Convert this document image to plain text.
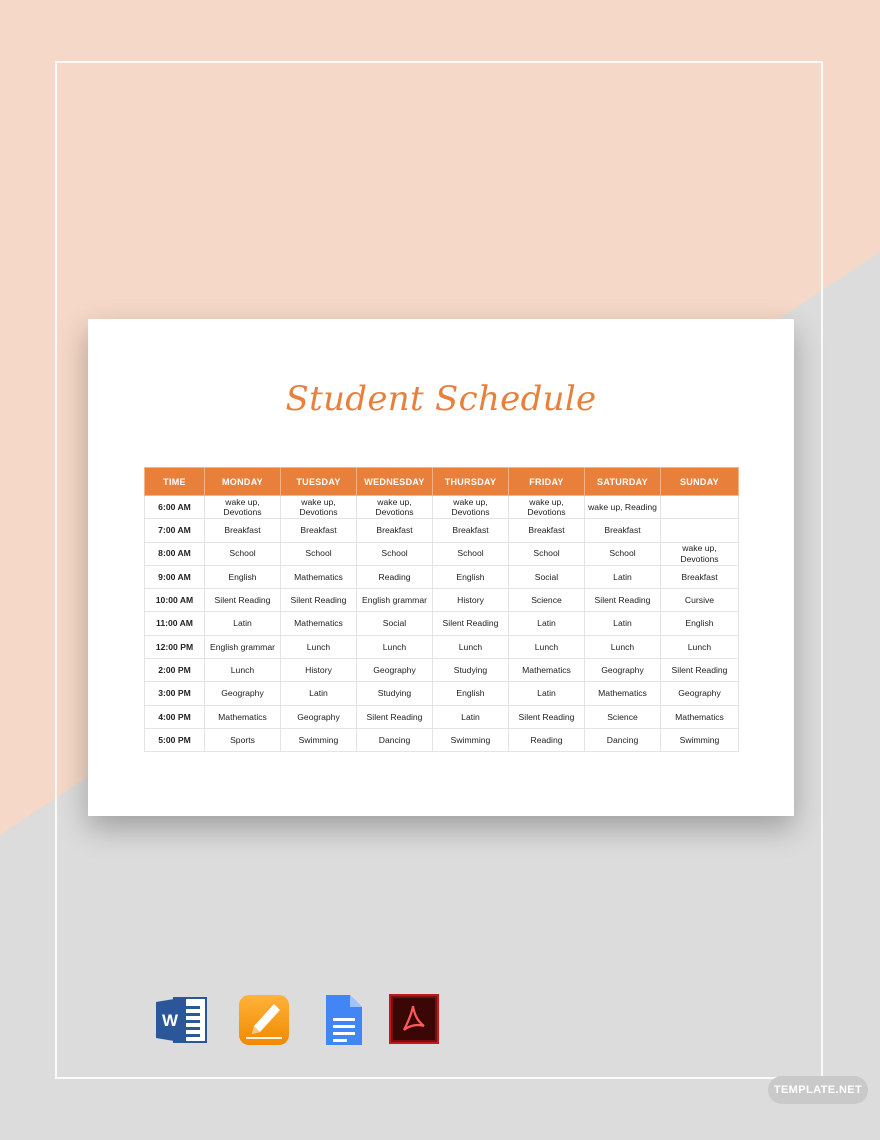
Student Schedule
TIME	MONDAY	TUESDAY	WEDNESDAY	THURSDAY	FRIDAY	SATURDAY	SUNDAY
6:00 AM	wake up, Devotions	wake up, Devotions	wake up, Devotions	wake up, Devotions	wake up, Devotions	wake up, Reading	
7:00 AM	Breakfast	Breakfast	Breakfast	Breakfast	Breakfast	Breakfast	
8:00 AM	School	School	School	School	School	School	wake up, Devotions
9:00 AM	English	Mathematics	Reading	English	Social	Latin	Breakfast
10:00 AM	Silent Reading	Silent Reading	English grammar	History	Science	Silent Reading	Cursive
11:00 AM	Latin	Mathematics	Social	Silent Reading	Latin	Latin	English
12:00 PM	English grammar	Lunch	Lunch	Lunch	Lunch	Lunch	Lunch
2:00 PM	Lunch	History	Geography	Studying	Mathematics	Geography	Silent Reading
3:00 PM	Geography	Latin	Studying	English	Latin	Mathematics	Geography
4:00 PM	Mathematics	Geography	Silent Reading	Latin	Silent Reading	Science	Mathematics
5:00 PM	Sports	Swimming	Dancing	Swimming	Reading	Dancing	Swimming
W
TEMPLATE.NET
